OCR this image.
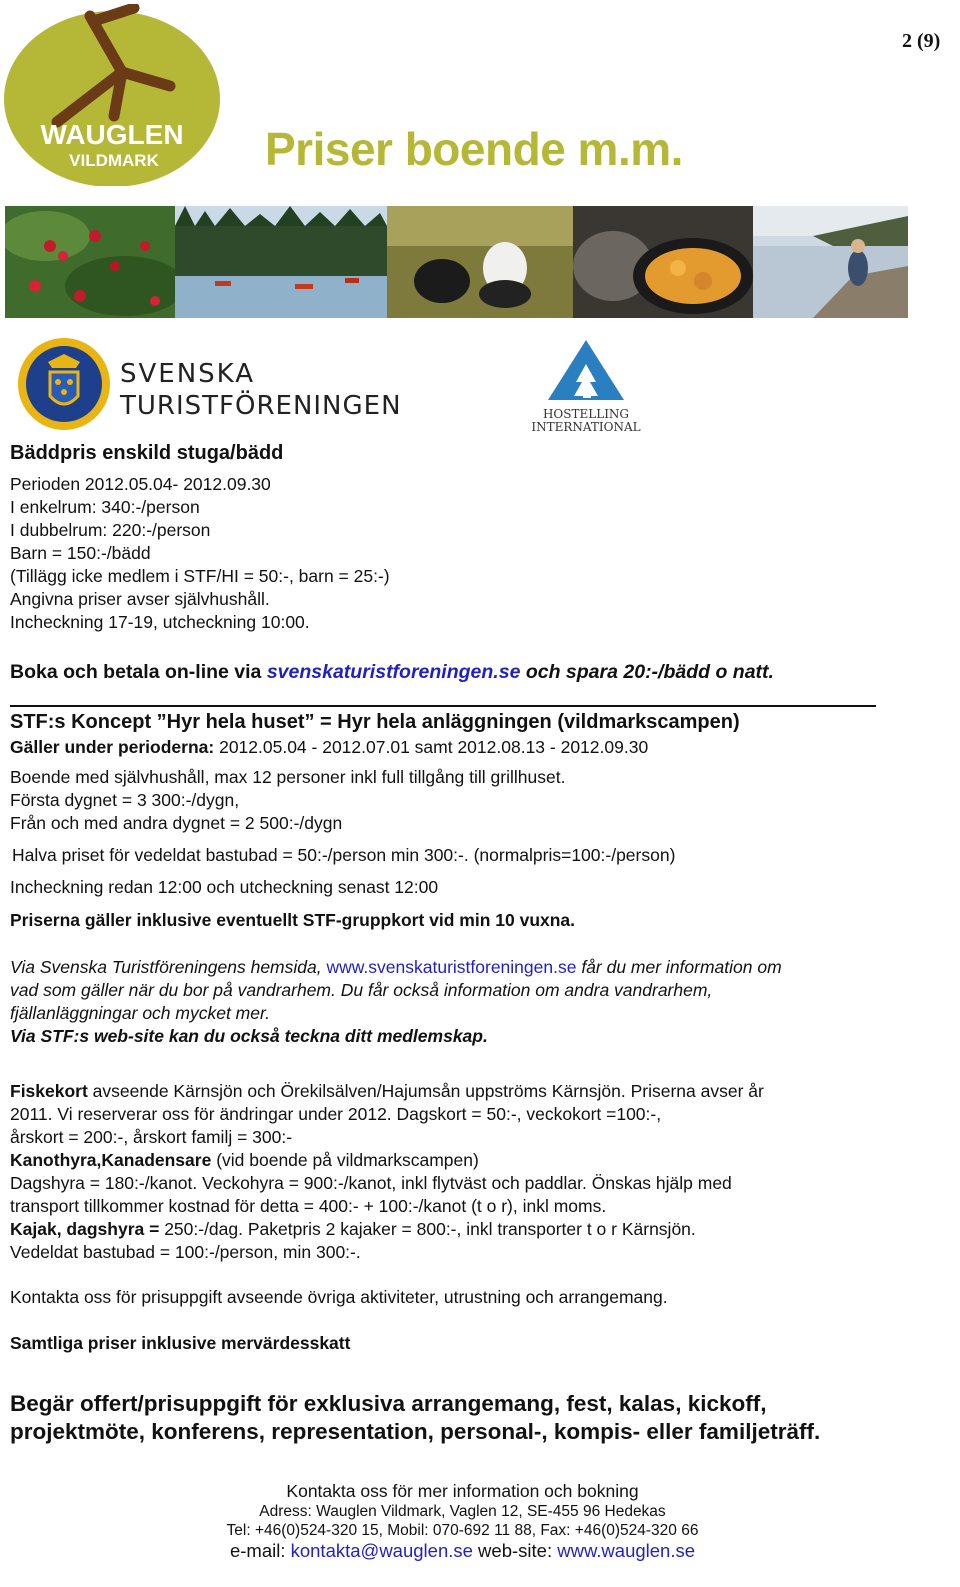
2 (9)
WAUGLEN
VILDMARK Priser boende m.m.
SVENSKA
TURISTFÖRENINGEN	HOSTELLING
INTERNATIONAL
Bäddpris enskild stuga/bädd
Perioden 2012.05.04- 2012.09.30
I enkelrum: 340:-/person
I dubbelrum: 220:-/person
Barn = 150:-/bädd
(Tillägg icke medlem i STF/HI = 50:-, barn = 25:-)
Angivna priser avser självhushåll.
Incheckning 17-19, utcheckning 10:00.
Boka och betala on-line via svenskaturistforeningen.se och spara 20:-/bädd o natt.
STF:s Koncept ”Hyr hela huset” = Hyr hela anläggningen (vildmarkscampen)
Gäller under perioderna: 2012.05.04 - 2012.07.01 samt 2012.08.13 - 2012.09.30
Boende med självhushåll, max 12 personer inkl full tillgång till grillhuset.
Första dygnet = 3 300:-/dygn,
Från och med andra dygnet = 2 500:-/dygn
Halva priset för vedeldat bastubad = 50:-/person min 300:-. (normalpris=100:-/person)
Incheckning redan 12:00 och utcheckning senast 12:00
Priserna gäller inklusive eventuellt STF-gruppkort vid min 10 vuxna.
Via Svenska Turistföreningens hemsida, www.svenskaturistforeningen.se får du mer information om
vad som gäller när du bor på vandrarhem. Du får också information om andra vandrarhem,
fjällanläggningar och mycket mer.
Via STF:s web-site kan du också teckna ditt medlemskap.
Fiskekort avseende Kärnsjön och Örekilsälven/Hajumsån uppströms Kärnsjön. Priserna avser år
2011. Vi reserverar oss för ändringar under 2012. Dagskort = 50:-, veckokort =100:-,
årskort = 200:-, årskort familj = 300:-
Kanothyra,Kanadensare (vid boende på vildmarkscampen)
Dagshyra = 180:-/kanot. Veckohyra = 900:-/kanot, inkl flytväst och paddlar. Önskas hjälp med
transport tillkommer kostnad för detta = 400:- + 100:-/kanot (t o r), inkl moms.
Kajak, dagshyra = 250:-/dag. Paketpris 2 kajaker = 800:-, inkl transporter t o r Kärnsjön.
Vedeldat bastubad = 100:-/person, min 300:-.
Kontakta oss för prisuppgift avseende övriga aktiviteter, utrustning och arrangemang.
Samtliga priser inklusive mervärdesskatt
Begär offert/prisuppgift för exklusiva arrangemang, fest, kalas, kickoff,
projektmöte, konferens, representation, personal-, kompis- eller familjeträff.
Kontakta oss för mer information och bokning
Adress: Wauglen Vildmark, Vaglen 12, SE-455 96 Hedekas
Tel: +46(0)524-320 15, Mobil: 070-692 11 88, Fax: +46(0)524-320 66
e-mail: kontakta@wauglen.se web-site: www.wauglen.se
